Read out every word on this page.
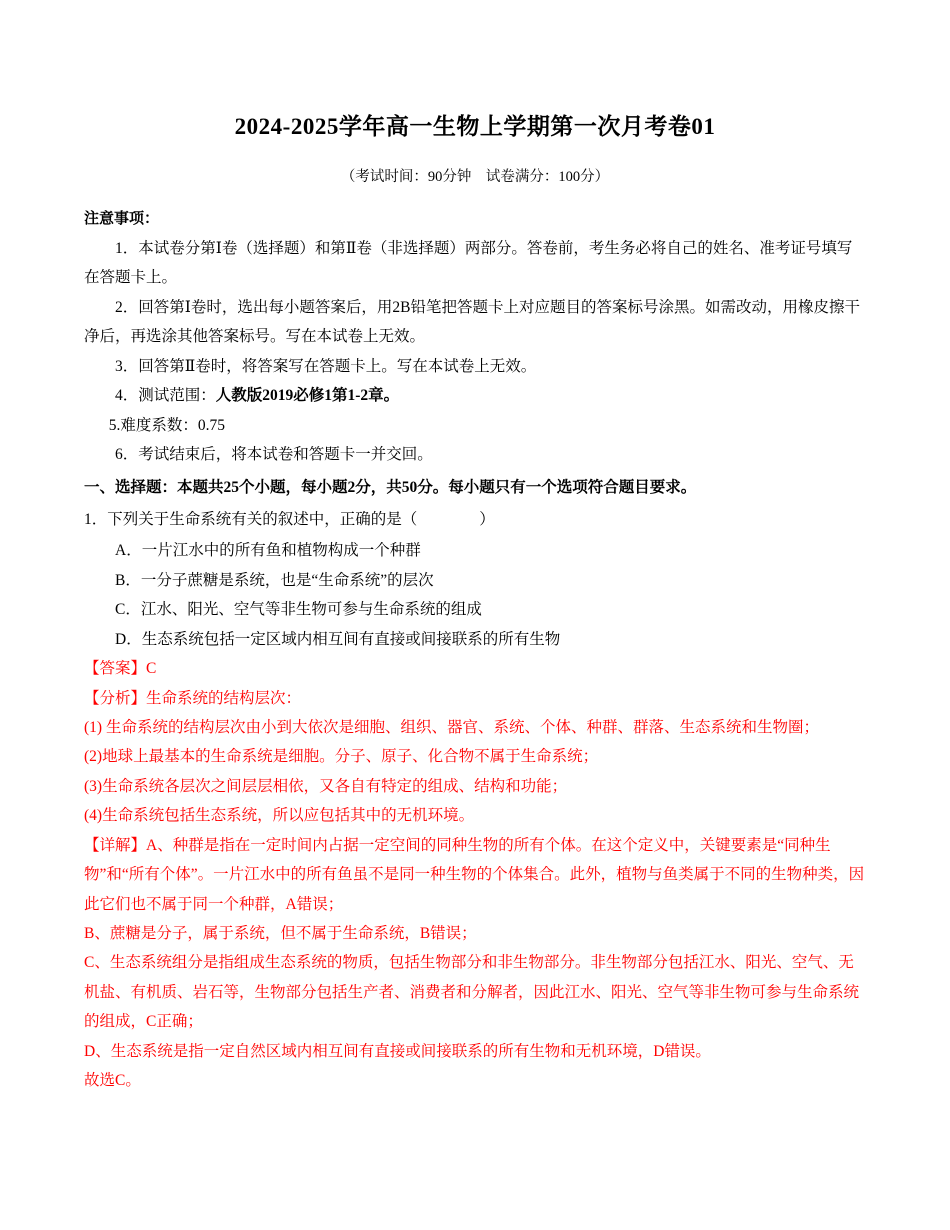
2024-2025学年高一生物上学期第一次月考卷01

（考试时间：90分钟　试卷满分：100分）

注意事项：

1．本试卷分第Ⅰ卷（选择题）和第Ⅱ卷（非选择题）两部分。答卷前，考生务必将自己的姓名、准考证号填写在答题卡上。

2．回答第Ⅰ卷时，选出每小题答案后，用2B铅笔把答题卡上对应题目的答案标号涂黑。如需改动，用橡皮擦干净后，再选涂其他答案标号。写在本试卷上无效。

3．回答第Ⅱ卷时，将答案写在答题卡上。写在本试卷上无效。

4．测试范围：人教版2019必修1第1-2章。

5.难度系数：0.75

6．考试结束后，将本试卷和答题卡一并交回。

一、选择题：本题共25个小题，每小题2分，共50分。每小题只有一个选项符合题目要求。

1．下列关于生命系统有关的叙述中，正确的是（　　　　）

A．一片江水中的所有鱼和植物构成一个种群

B．一分子蔗糖是系统，也是“生命系统”的层次

C．江水、阳光、空气等非生物可参与生命系统的组成

D．生态系统包括一定区域内相互间有直接或间接联系的所有生物

【答案】C

【分析】生命系统的结构层次：

(1) 生命系统的结构层次由小到大依次是细胞、组织、器官、系统、个体、种群、群落、生态系统和生物圈；

(2)地球上最基本的生命系统是细胞。分子、原子、化合物不属于生命系统；

(3)生命系统各层次之间层层相依，又各自有特定的组成、结构和功能；

(4)生命系统包括生态系统，所以应包括其中的无机环境。

【详解】A、种群是指在一定时间内占据一定空间的同种生物的所有个体。在这个定义中，关键要素是“同种生物”和“所有个体”。一片江水中的所有鱼虽不是同一种生物的个体集合。此外，植物与鱼类属于不同的生物种类，因此它们也不属于同一个种群，A错误；

B、蔗糖是分子，属于系统，但不属于生命系统，B错误；

C、生态系统组分是指组成生态系统的物质，包括生物部分和非生物部分。非生物部分包括江水、阳光、空气、无机盐、有机质、岩石等，生物部分包括生产者、消费者和分解者，因此江水、阳光、空气等非生物可参与生命系统的组成，C正确；

D、生态系统是指一定自然区域内相互间有直接或间接联系的所有生物和无机环境，D错误。

故选C。
